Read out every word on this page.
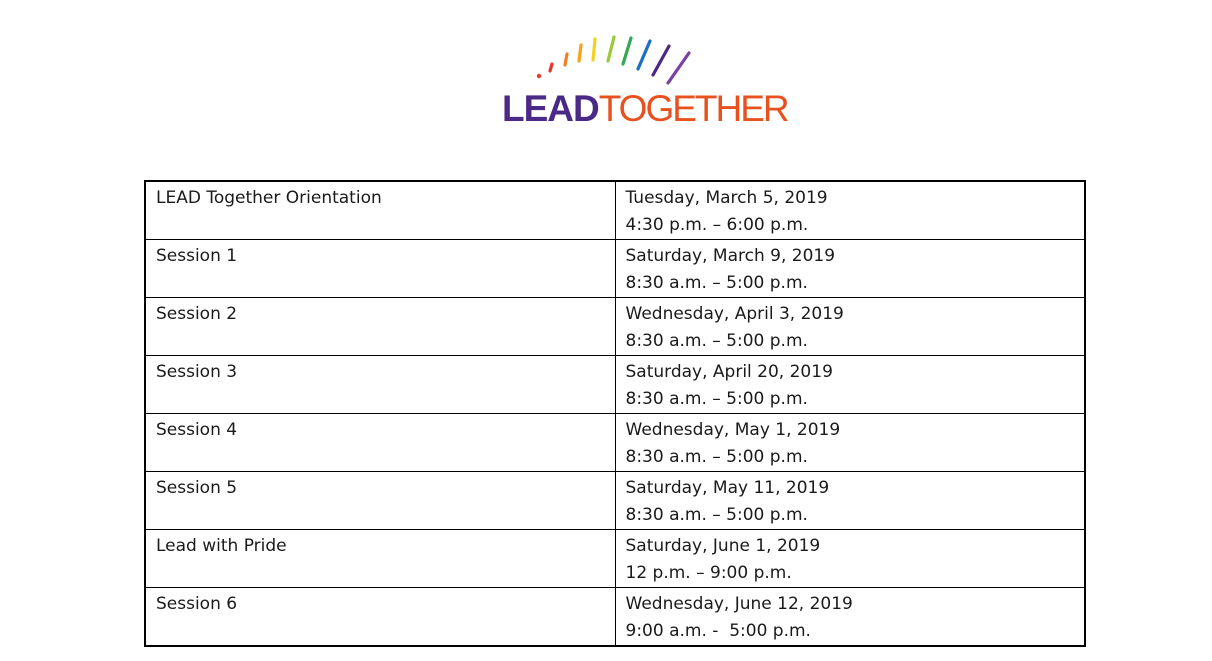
LEADTOGETHER
LEAD Together Orientation	Tuesday, March 5, 2019
4:30 p.m. – 6:00 p.m.

Session 1	Saturday, March 9, 2019
8:30 a.m. – 5:00 p.m.

Session 2	Wednesday, April 3, 2019
8:30 a.m. – 5:00 p.m.

Session 3	Saturday, April 20, 2019
8:30 a.m. – 5:00 p.m.

Session 4	Wednesday, May 1, 2019
8:30 a.m. – 5:00 p.m.

Session 5	Saturday, May 11, 2019
8:30 a.m. – 5:00 p.m.

Lead with Pride	Saturday, June 1, 2019
12 p.m. – 9:00 p.m.

Session 6	Wednesday, June 12, 2019
9:00 a.m. -  5:00 p.m.
